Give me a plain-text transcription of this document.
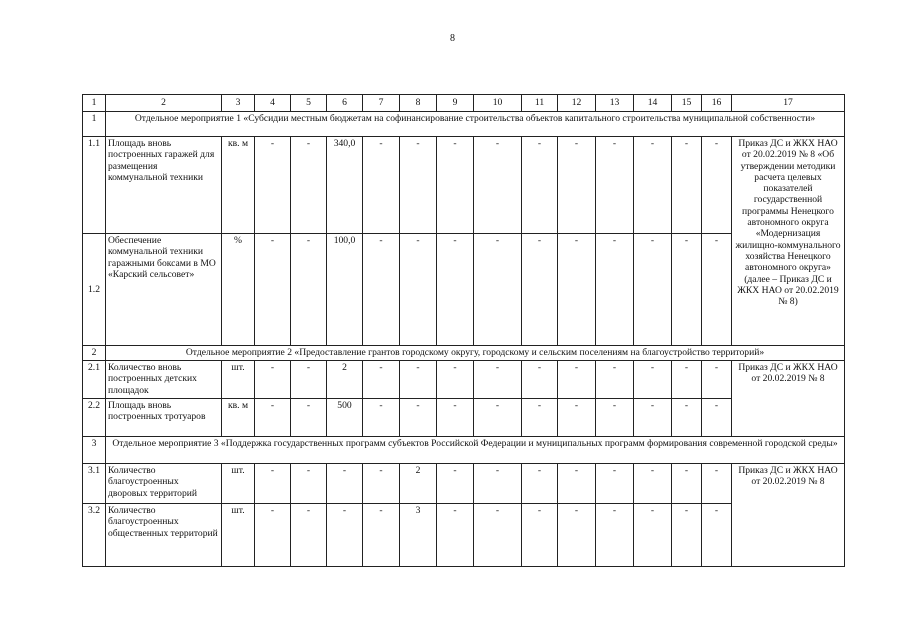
8
1	2	3	4	5	6	7	8	9	10	11	12	13	14	15	16	17
1	Отдельное мероприятие 1 «Субсидии местным бюджетам на софинансирование строительства объектов капитального строительства муниципальной собственности»															
1.1	Площадь вновь построенных гаражей для размещения коммунальной техники	кв. м	-	-	340,0	-	-	-	-	-	-	-	-	-	-	Приказ ДС и ЖКХ НАО от 20.02.2019 № 8 «Об утверждении методики расчета целевых показателей государственной программы Ненецкого автономного округа «Модернизация жилищно-коммунального хозяйства Ненецкого автономного округа» (далее – Приказ ДС и ЖКХ НАО от 20.02.2019 № 8)
1.2	Обеспечение коммунальной техники гаражными боксами в МО «Карский сельсовет»	%	-	-	100,0	-	-	-	-	-	-	-	-	-	-	
2	Отдельное мероприятие 2 «Предоставление грантов городскому округу, городскому и сельским поселениям на благоустройство территорий»															
2.1	Количество вновь построенных детских площадок	шт.	-	-	2	-	-	-	-	-	-	-	-	-	-	Приказ ДС и ЖКХ НАО от 20.02.2019 № 8
2.2	Площадь вновь построенных тротуаров	кв. м	-	-	500	-	-	-	-	-	-	-	-	-	-	
3	Отдельное мероприятие 3 «Поддержка государственных программ субъектов Российской Федерации и муниципальных программ формирования современной городской среды»															
3.1	Количество благоустроенных дворовых территорий	шт.	-	-	-	-	2	-	-	-	-	-	-	-	-	Приказ ДС и ЖКХ НАО от 20.02.2019 № 8
3.2	Количество благоустроенных общественных территорий	шт.	-	-	-	-	3	-	-	-	-	-	-	-	-	
